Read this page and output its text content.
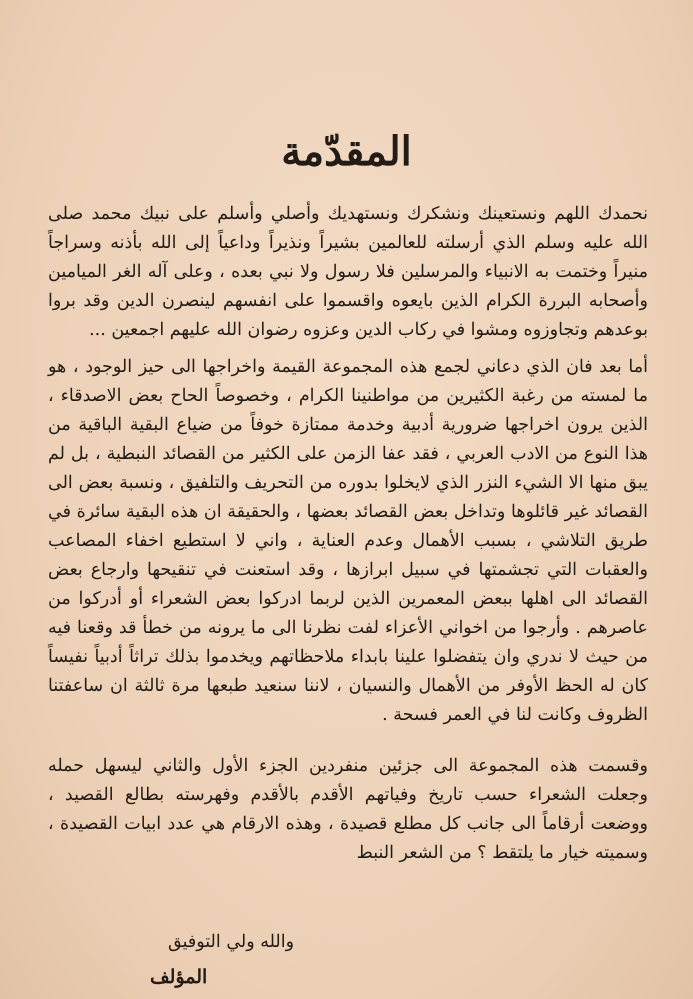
المقدّمة

نحمدك اللهم ونستعينك ونشكرك ونستهديك وأصلي وأسلم على نبيك محمد صلى الله عليه وسلم الذي أرسلته للعالمين بشيراً ونذيراً وداعياً إلى الله بأذنه وسراجاً منيراً وختمت به الانبياء والمرسلين فلا رسول ولا نبي بعده ، وعلى آله الغر الميامين وأصحابه البررة الكرام الذين بايعوه واقسموا على انفسهم لينصرن الدين وقد بروا بوعدهم وتجاوزوه ومشوا في ركاب الدين وعزوه رضوان الله عليهم اجمعين ...

أما بعد فان الذي دعاني لجمع هذه المجموعة القيمة واخراجها الى حيز الوجود ، هو ما لمسته من رغبة الكثيرين من مواطنينا الكرام ، وخصوصاً الحاح بعض الاصدقاء ، الذين يرون اخراجها ضرورية أدبية وخدمة ممتازة خوفاً من ضياع البقية الباقية من هذا النوع من الادب العربي ، فقد عفا الزمن على الكثير من القصائد النبطية ، بل لم يبق منها الا الشيء النزر الذي لايخلوا بدوره من التحريف والتلفيق ، ونسبة بعض الى القصائد غير قائلوها وتداخل بعض القصائد بعضها ، والحقيقة ان هذه البقية سائرة في طريق التلاشي ، بسبب الأهمال وعدم العناية ، واني لا استطيع اخفاء المصاعب والعقبات التي تجشمتها في سبيل ابرازها ، وقد استعنت في تنقيحها وارجاع بعض القصائد الى اهلها ببعض المعمرين الذين لربما ادركوا بعض الشعراء أو أدركوا من عاصرهم . وأرجوا من اخواني الأعزاء لفت نظرنا الى ما يرونه من خطأ قد وقعنا فيه من حيث لا ندري وان يتفضلوا علينا بابداء ملاحظاتهم ويخدموا بذلك تراثاً أدبياً نفيساً كان له الحظ الأوفر من الأهمال والنسيان ، لاننا سنعيد طبعها مرة ثالثة ان ساعفتنا الظروف وكانت لنا في العمر فسحة .

وقسمت هذه المجموعة الى جزئين منفردين الجزء الأول والثاني ليسهل حمله وجعلت الشعراء حسب تاريخ وفياتهم الأقدم بالأقدم وفهرسته بطالع القصيد ، ووضعت أرقاماً الى جانب كل مطلع قصيدة ، وهذه الارقام هي عدد ابيات القصيدة ، وسميته خيار ما يلتقط ؟ من الشعر النبط

والله ولي التوفيق
المؤلف
